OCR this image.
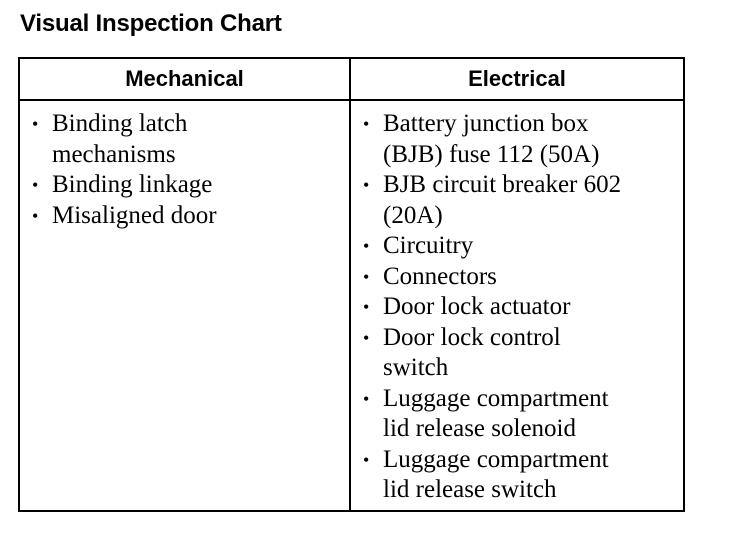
Visual Inspection Chart
Mechanical	Electrical
• Binding latch
mechanisms
• Binding linkage
• Misaligned door
• Battery junction box
(BJB) fuse 112 (50A)
• BJB circuit breaker 602
(20A)
• Circuitry
• Connectors
• Door lock actuator
• Door lock control
switch
• Luggage compartment
lid release solenoid
• Luggage compartment
lid release switch
